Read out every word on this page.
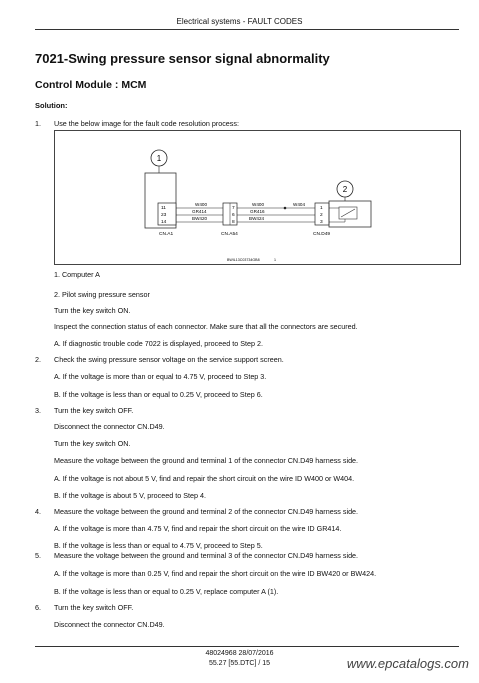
Electrical systems - FAULT CODES
7021-Swing pressure sensor signal abnormality
Control Module : MCM
Solution:
1.
2.
3.
4.
5.
6.
Use the below image for the fault code resolution process:
1
11
23
14
CN.A1
7
6
8
CN.A54
W400
GR414
BW420
W400
GR416
BW424
W404
1
2
3
CN.D49
2
BWIL13C03734GB8	1
1. Computer A
2. Pilot swing pressure sensor
Turn the key switch ON.
Inspect the connection status of each connector. Make sure that all the connectors are secured.
A. If diagnostic trouble code 7022 is displayed, proceed to Step 2.
Check the swing pressure sensor voltage on the service support screen.
A. If the voltage is more than or equal to 4.75 V, proceed to Step 3.
B. If the voltage is less than or equal to 0.25 V, proceed to Step 6.
Turn the key switch OFF.
Disconnect the connector CN.D49.
Turn the key switch ON.
Measure the voltage between the ground and terminal 1 of the connector CN.D49 harness side.
A. If the voltage is not about 5 V, find and repair the short circuit on the wire ID W400 or W404.
B. If the voltage is about 5 V, proceed to Step 4.
Measure the voltage between the ground and terminal 2 of the connector CN.D49 harness side.
A. If the voltage is more than 4.75 V, find and repair the short circuit on the wire ID GR414.
B. If the voltage is less than or equal to 4.75 V, proceed to Step 5.
Measure the voltage between the ground and terminal 3 of the connector CN.D49 harness side.
A. If the voltage is more than 0.25 V, find and repair the short circuit on the wire ID BW420 or BW424.
B. If the voltage is less than or equal to 0.25 V, replace computer A (1).
Turn the key switch OFF.
Disconnect the connector CN.D49.
48024968 28/07/2016
55.27 [55.DTC] / 15	www.epcatalogs.com
